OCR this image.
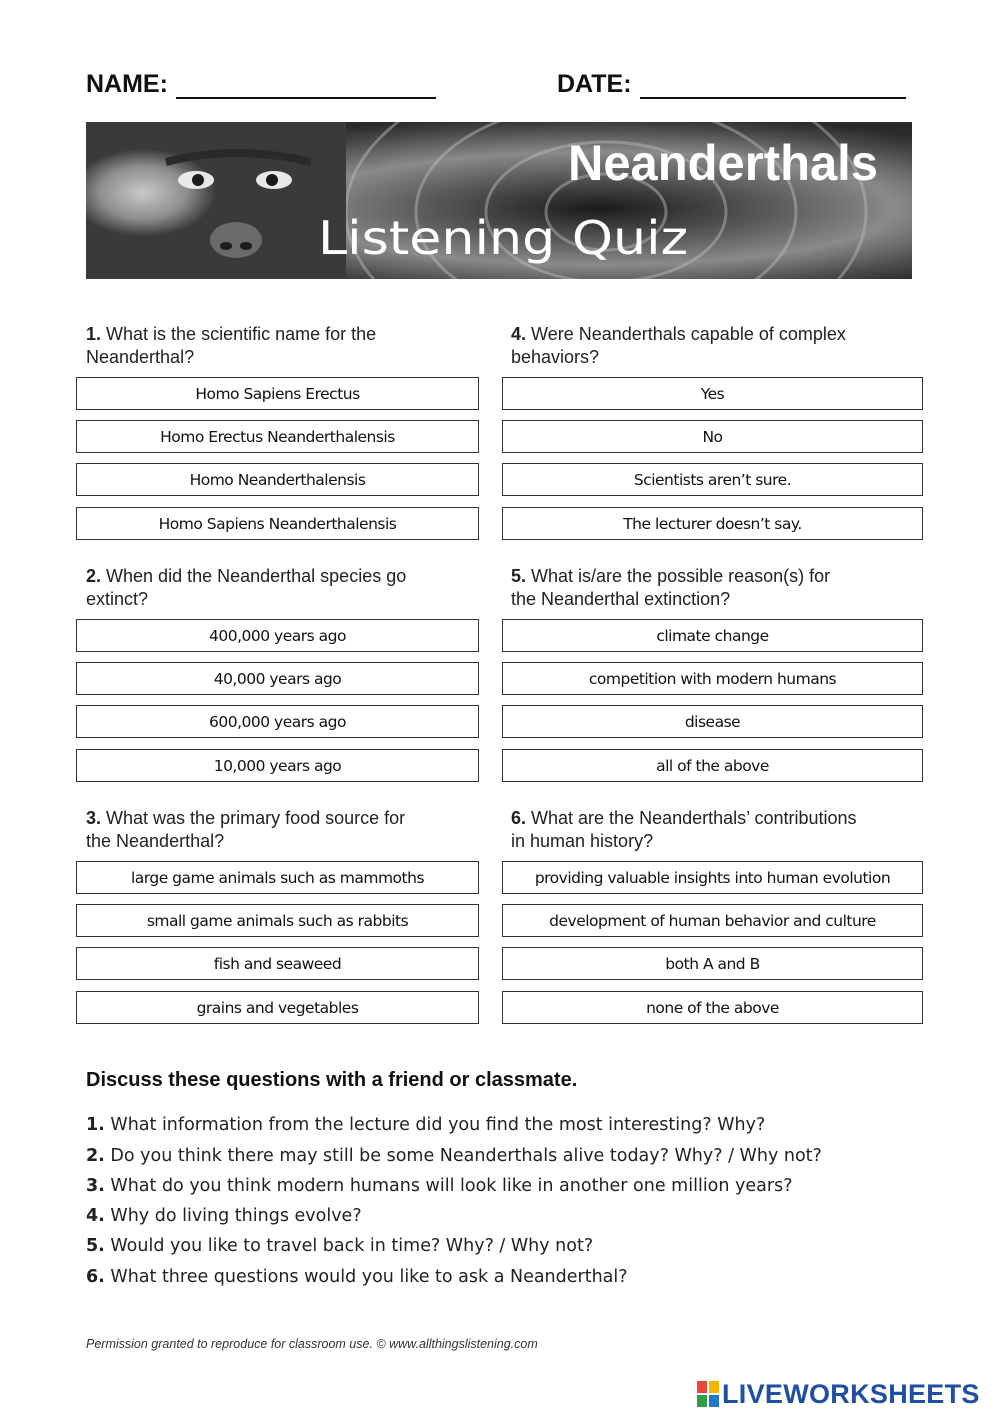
NAME:	DATE:
Neanderthals
Listening Quiz
1. What is the scientific name for the
Neanderthal?
Homo Sapiens Erectus
Homo Erectus Neanderthalensis
Homo Neanderthalensis
Homo Sapiens Neanderthalensis
2. When did the Neanderthal species go
extinct?
400,000 years ago
40,000 years ago
600,000 years ago
10,000 years ago
3. What was the primary food source for
the Neanderthal?
large game animals such as mammoths
small game animals such as rabbits
fish and seaweed
grains and vegetables
4. Were Neanderthals capable of complex
behaviors?
Yes
No
Scientists aren’t sure.
The lecturer doesn’t say.
5. What is/are the possible reason(s) for
the Neanderthal extinction?
climate change
competition with modern humans
disease
all of the above
6. What are the Neanderthals’ contributions
in human history?
providing valuable insights into human evolution
development of human behavior and culture
both A and B
none of the above
Discuss these questions with a friend or classmate.
1. What information from the lecture did you find the most interesting? Why?
2. Do you think there may still be some Neanderthals alive today? Why? / Why not?
3. What do you think modern humans will look like in another one million years?
4. Why do living things evolve?
5. Would you like to travel back in time? Why? / Why not?
6. What three questions would you like to ask a Neanderthal?
Permission granted to reproduce for classroom use. © www.allthingslistening.com
LIVEWORKSHEETS
